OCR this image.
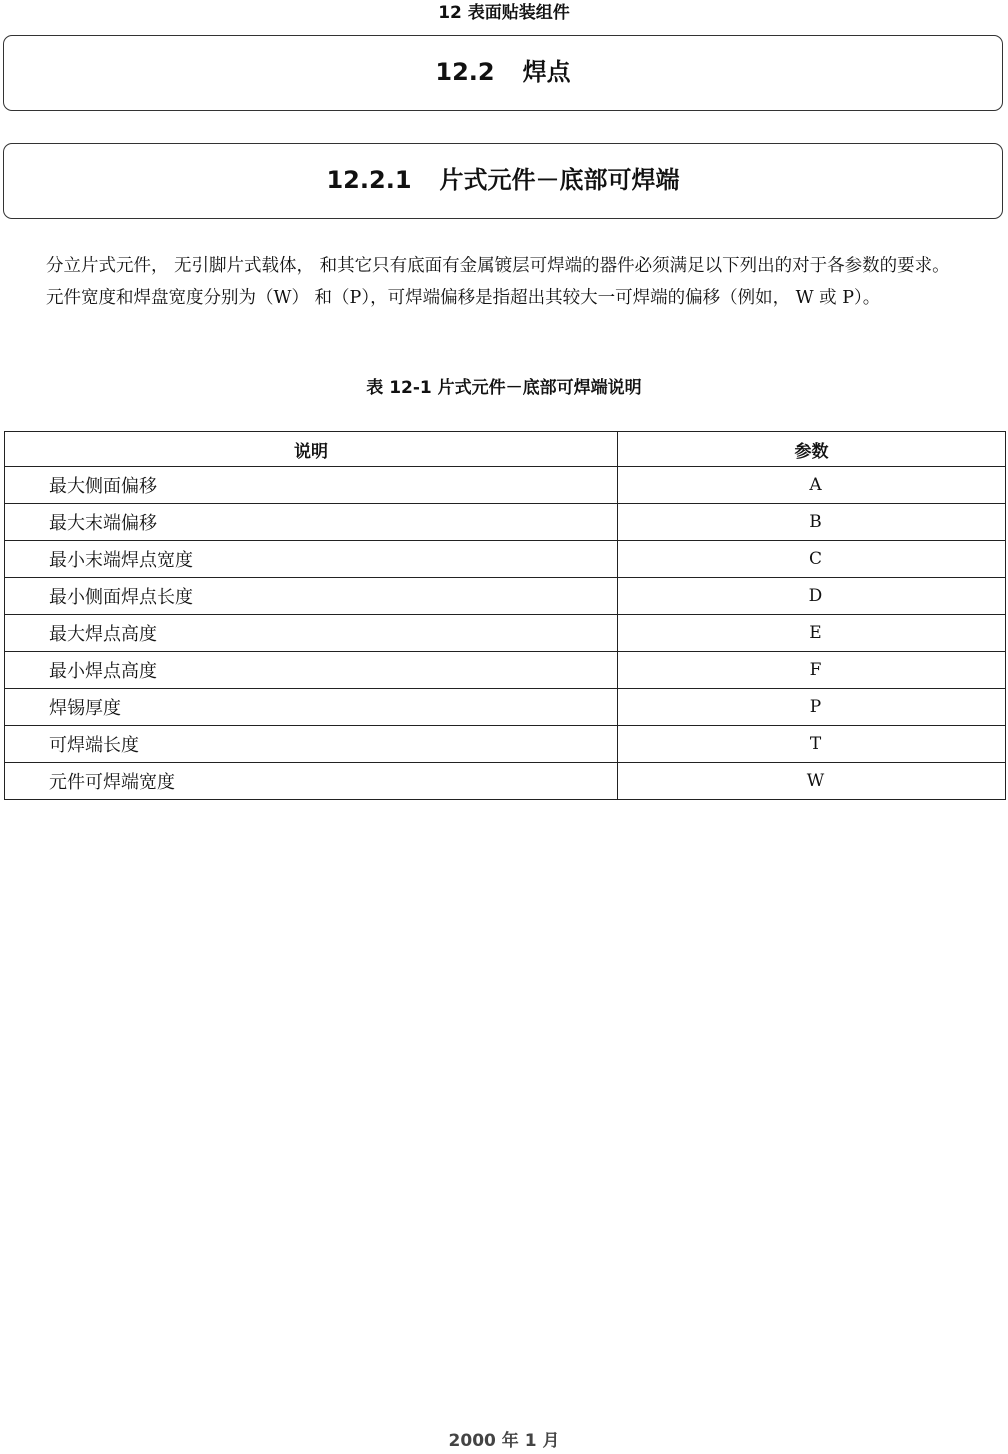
12 表面贴装组件
12.2 焊点
12.2.1 片式元件－底部可焊端

分立片式元件， 无引脚片式载体， 和其它只有底面有金属镀层可焊端的器件必须满足以下列出的对于各参数的要求。

元件宽度和焊盘宽度分别为（W） 和（P），可焊端偏移是指超出其较大一可焊端的偏移（例如， W 或 P）。

表 12-1 片式元件－底部可焊端说明
说明	参数
最大侧面偏移	A
最大末端偏移	B
最小末端焊点宽度	C
最小侧面焊点长度	D
最大焊点高度	E
最小焊点高度	F
焊锡厚度	P
可焊端长度	T
元件可焊端宽度	W
2000 年 1 月
